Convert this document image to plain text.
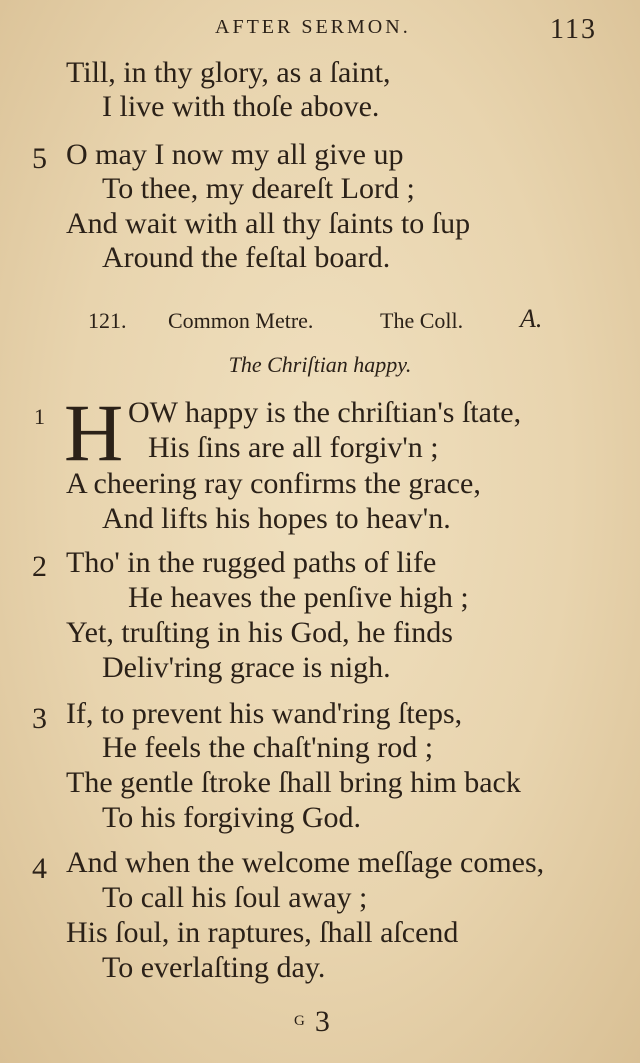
AFTER SERMON.	113
Till, in thy glory, as a ſaint,
I live with thoſe above.
5 O may I now my all give up
To thee, my deareſt Lord ;
And wait with all thy ſaints to ſup
Around the feſtal board.
121. Common Metre.	The Coll. A.
The Chriſtian happy.
1 H OW happy is the chriſtian's ſtate,
His ſins are all forgiv'n ;
A cheering ray confirms the grace,
And lifts his hopes to heav'n.
2 Tho' in the rugged paths of life
He heaves the penſive high ;
Yet, truſting in his God, he finds
Deliv'ring grace is nigh.
3 If, to prevent his wand'ring ſteps,
He feels the chaſt'ning rod ;
The gentle ſtroke ſhall bring him back
To his forgiving God.
4 And when the welcome meſſage comes,
To call his ſoul away ;
His ſoul, in raptures, ſhall aſcend
To everlaſting day.
$^G$ 3
